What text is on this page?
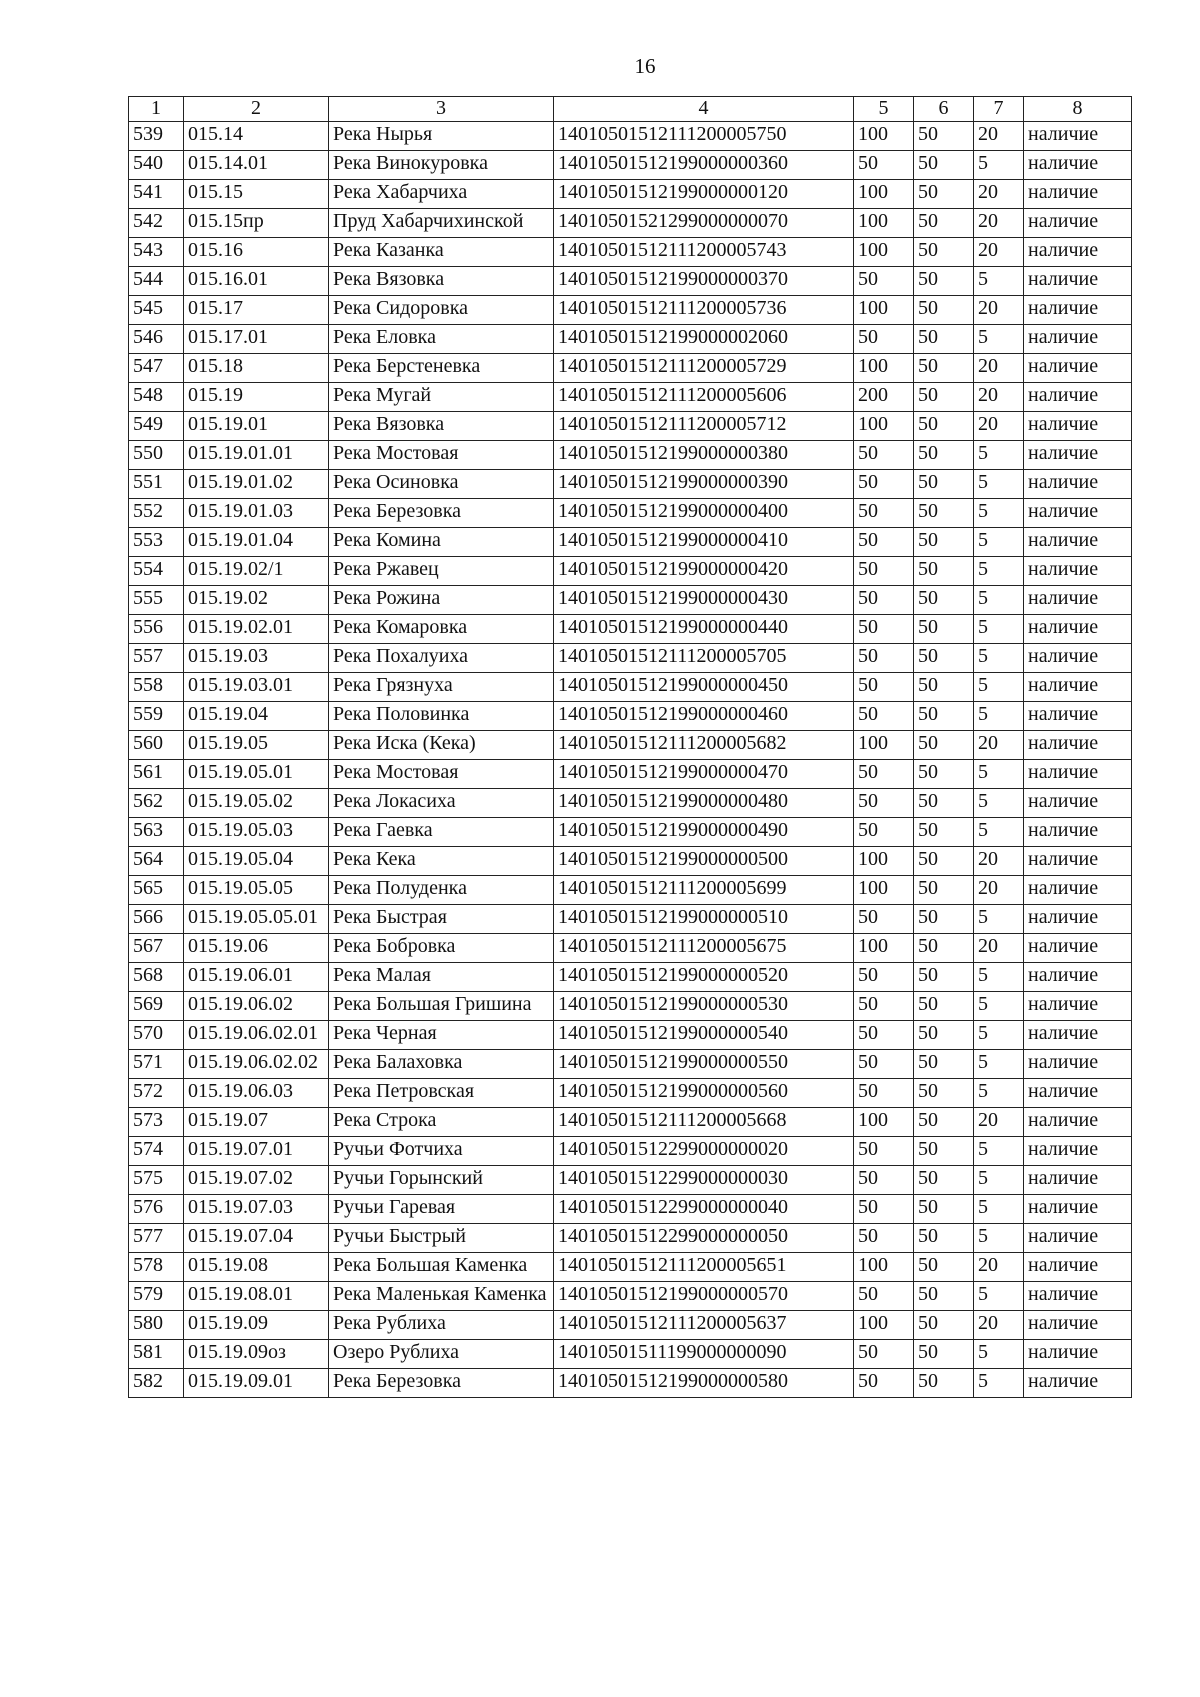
16
1	2	3	4	5	6	7	8
539	015.14	Река Нырья	14010501512111200005750	100	50	20	наличие
540	015.14.01	Река Винокуровка	14010501512199000000360	50	50	5	наличие
541	015.15	Река Хабарчиха	14010501512199000000120	100	50	20	наличие
542	015.15пр	Пруд Хабарчихинской	14010501521299000000070	100	50	20	наличие
543	015.16	Река Казанка	14010501512111200005743	100	50	20	наличие
544	015.16.01	Река Вязовка	14010501512199000000370	50	50	5	наличие
545	015.17	Река Сидоровка	14010501512111200005736	100	50	20	наличие
546	015.17.01	Река Еловка	14010501512199000002060	50	50	5	наличие
547	015.18	Река Берстеневка	14010501512111200005729	100	50	20	наличие
548	015.19	Река Мугай	14010501512111200005606	200	50	20	наличие
549	015.19.01	Река Вязовка	14010501512111200005712	100	50	20	наличие
550	015.19.01.01	Река Мостовая	14010501512199000000380	50	50	5	наличие
551	015.19.01.02	Река Осиновка	14010501512199000000390	50	50	5	наличие
552	015.19.01.03	Река Березовка	14010501512199000000400	50	50	5	наличие
553	015.19.01.04	Река Комина	14010501512199000000410	50	50	5	наличие
554	015.19.02/1	Река Ржавец	14010501512199000000420	50	50	5	наличие
555	015.19.02	Река Рожина	14010501512199000000430	50	50	5	наличие
556	015.19.02.01	Река Комаровка	14010501512199000000440	50	50	5	наличие
557	015.19.03	Река Похалуиха	14010501512111200005705	50	50	5	наличие
558	015.19.03.01	Река Грязнуха	14010501512199000000450	50	50	5	наличие
559	015.19.04	Река Половинка	14010501512199000000460	50	50	5	наличие
560	015.19.05	Река Иска (Кека)	14010501512111200005682	100	50	20	наличие
561	015.19.05.01	Река Мостовая	14010501512199000000470	50	50	5	наличие
562	015.19.05.02	Река Локасиха	14010501512199000000480	50	50	5	наличие
563	015.19.05.03	Река Гаевка	14010501512199000000490	50	50	5	наличие
564	015.19.05.04	Река Кека	14010501512199000000500	100	50	20	наличие
565	015.19.05.05	Река Полуденка	14010501512111200005699	100	50	20	наличие
566	015.19.05.05.01	Река Быстрая	14010501512199000000510	50	50	5	наличие
567	015.19.06	Река Бобровка	14010501512111200005675	100	50	20	наличие
568	015.19.06.01	Река Малая	14010501512199000000520	50	50	5	наличие
569	015.19.06.02	Река Большая Гришина	14010501512199000000530	50	50	5	наличие
570	015.19.06.02.01	Река Черная	14010501512199000000540	50	50	5	наличие
571	015.19.06.02.02	Река Балаховка	14010501512199000000550	50	50	5	наличие
572	015.19.06.03	Река Петровская	14010501512199000000560	50	50	5	наличие
573	015.19.07	Река Строка	14010501512111200005668	100	50	20	наличие
574	015.19.07.01	Ручьи Фотчиха	14010501512299000000020	50	50	5	наличие
575	015.19.07.02	Ручьи Горынский	14010501512299000000030	50	50	5	наличие
576	015.19.07.03	Ручьи Гаревая	14010501512299000000040	50	50	5	наличие
577	015.19.07.04	Ручьи Быстрый	14010501512299000000050	50	50	5	наличие
578	015.19.08	Река Большая Каменка	14010501512111200005651	100	50	20	наличие
579	015.19.08.01	Река Маленькая Каменка	14010501512199000000570	50	50	5	наличие
580	015.19.09	Река Рублиха	14010501512111200005637	100	50	20	наличие
581	015.19.09оз	Озеро Рублиха	14010501511199000000090	50	50	5	наличие
582	015.19.09.01	Река Березовка	14010501512199000000580	50	50	5	наличие
